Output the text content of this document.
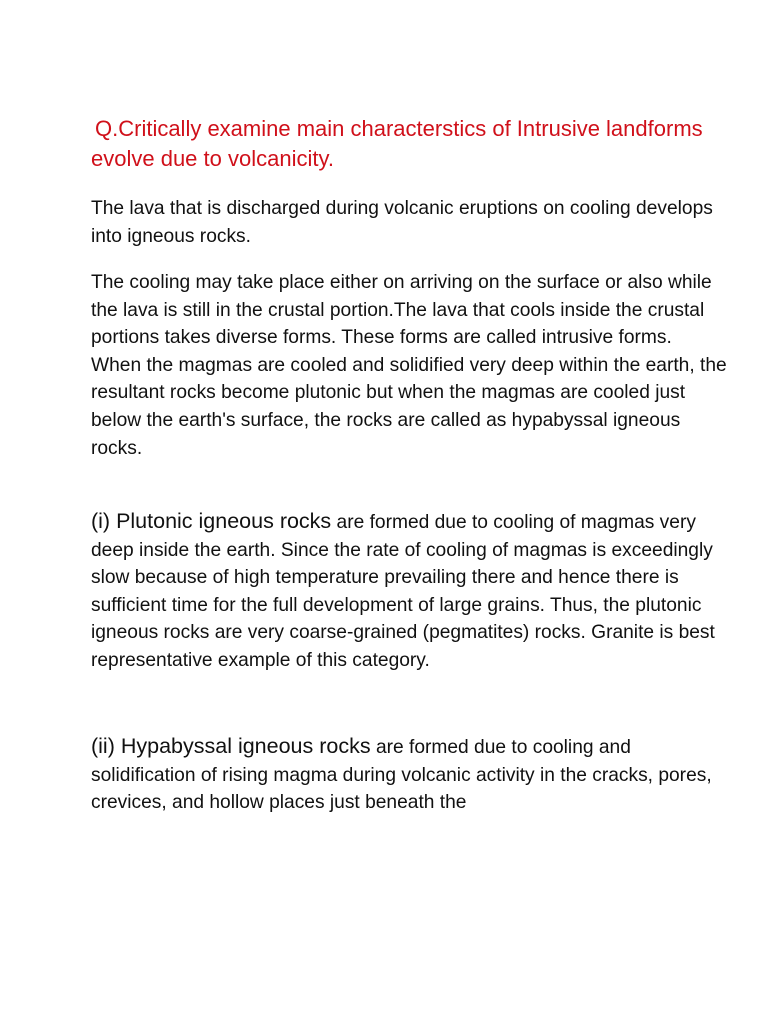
Q.Critically examine main characterstics of Intrusive landforms evolve due to volcanicity.

The lava that is discharged during volcanic eruptions on cooling develops into igneous rocks.

The cooling may take place either on arriving on the surface or also while the lava is still in the crustal portion.The lava that cools inside the crustal portions takes diverse forms. These forms are called intrusive forms.
When the magmas are cooled and solidified very deep within the earth, the resultant rocks become plutonic but when the magmas are cooled just below the earth's surface, the rocks are called as hypabyssal igneous rocks.

(i) Plutonic igneous rocks are formed due to cooling of magmas very deep inside the earth. Since the rate of cooling of magmas is exceedingly slow because of high temperature prevailing there and hence there is sufficient time for the full development of large grains. Thus, the plutonic igneous rocks are very coarse-grained (pegmatites) rocks. Granite is best representative example of this category.

(ii) Hypabyssal igneous rocks are formed due to cooling and solidification of rising magma during volcanic activity in the cracks, pores, crevices, and hollow places just beneath the
